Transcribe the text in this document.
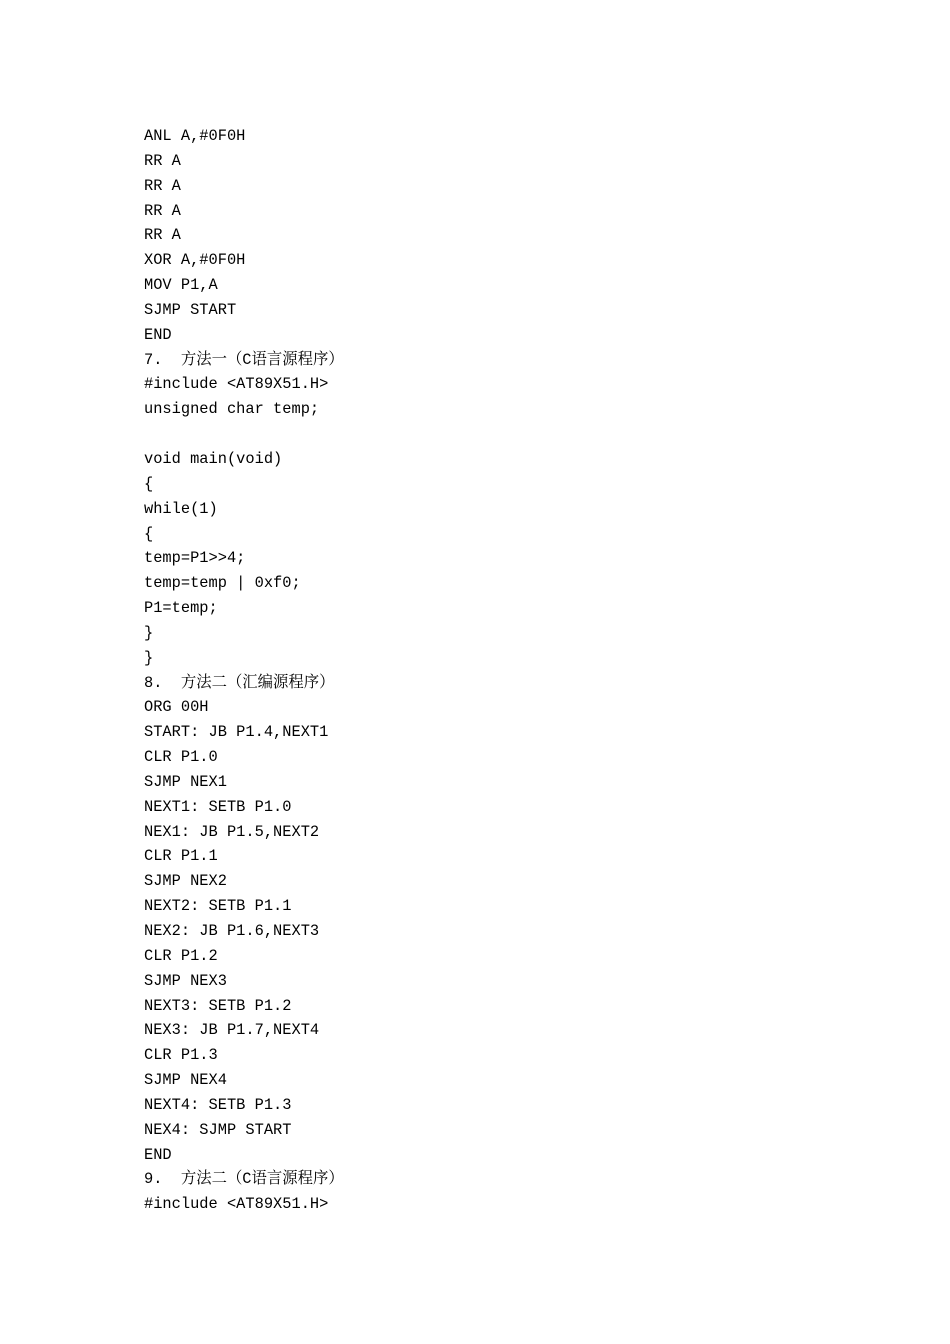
ANL A,#0F0H
RR A
RR A
RR A
RR A
XOR A,#0F0H
MOV P1,A
SJMP START
END
7.  方法一（C语言源程序）
#include <AT89X51.H>
unsigned char temp;
void main(void)
{
while(1)
{
temp=P1>>4;
temp=temp | 0xf0;
P1=temp;
}
}
8.  方法二（汇编源程序）
ORG 00H
START: JB P1.4,NEXT1
CLR P1.0
SJMP NEX1
NEXT1: SETB P1.0
NEX1: JB P1.5,NEXT2
CLR P1.1
SJMP NEX2
NEXT2: SETB P1.1
NEX2: JB P1.6,NEXT3
CLR P1.2
SJMP NEX3
NEXT3: SETB P1.2
NEX3: JB P1.7,NEXT4
CLR P1.3
SJMP NEX4
NEXT4: SETB P1.3
NEX4: SJMP START
END
9.  方法二（C语言源程序）
#include <AT89X51.H>
